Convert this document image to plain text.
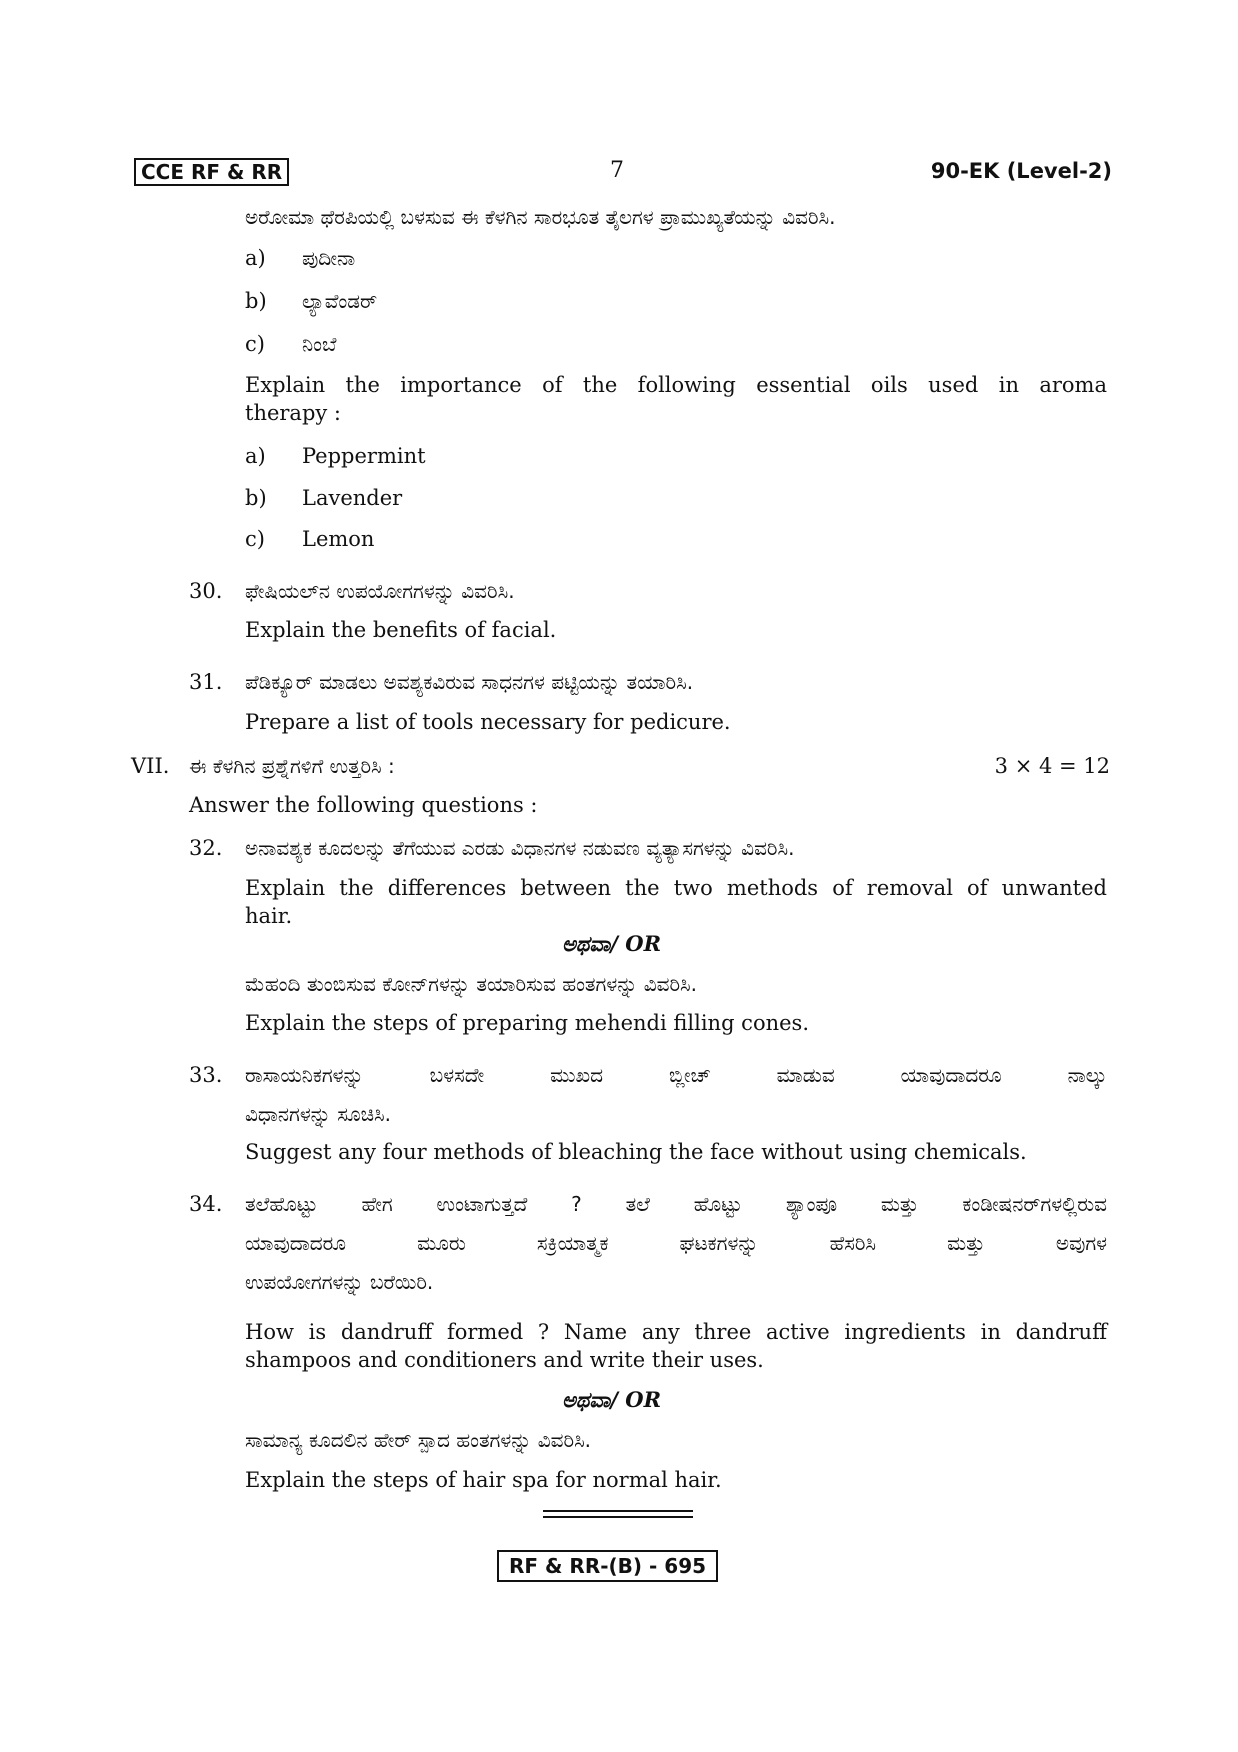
CCE RF & RR	7	90-EK (Level-2)
ಅರೋಮಾ ಥೆರಪಿಯಲ್ಲಿ ಬಳಸುವ ಈ ಕೆಳಗಿನ ಸಾರಭೂತ ತೈಲಗಳ ಪ್ರಾಮುಖ್ಯತೆಯನ್ನು ವಿವರಿಸಿ.
a) ಪುದೀನಾ
b) ಲ್ಯಾವೆಂಡರ್
c) ನಿಂಬೆ
Explain the importance of the following essential oils used in aroma
therapy :
a) Peppermint
b) Lavender
c) Lemon
30. ಫೇಷಿಯಲ್‌ನ ಉಪಯೋಗಗಳನ್ನು ವಿವರಿಸಿ.
Explain the benefits of facial.
31. ಪೆಡಿಕ್ಯೂರ್ ಮಾಡಲು ಅವಶ್ಯಕವಿರುವ ಸಾಧನಗಳ ಪಟ್ಟಿಯನ್ನು ತಯಾರಿಸಿ.
Prepare a list of tools necessary for pedicure.
VII. ಈ ಕೆಳಗಿನ ಪ್ರಶ್ನೆಗಳಿಗೆ ಉತ್ತರಿಸಿ :	3 × 4 = 12
Answer the following questions :
32. ಅನಾವಶ್ಯಕ ಕೂದಲನ್ನು ತೆಗೆಯುವ ಎರಡು ವಿಧಾನಗಳ ನಡುವಣ ವ್ಯತ್ಯಾಸಗಳನ್ನು ವಿವರಿಸಿ.
Explain the differences between the two methods of removal of unwanted
hair.
ಅಥವಾ/ OR
ಮೆಹಂದಿ ತುಂಬಿಸುವ ಕೋನ್‌ಗಳನ್ನು ತಯಾರಿಸುವ ಹಂತಗಳನ್ನು ವಿವರಿಸಿ.
Explain the steps of preparing mehendi filling cones.
33. ರಾಸಾಯನಿಕಗಳನ್ನು ಬಳಸದೇ ಮುಖದ ಬ್ಲೀಚ್ ಮಾಡುವ ಯಾವುದಾದರೂ ನಾಲ್ಕು
ವಿಧಾನಗಳನ್ನು ಸೂಚಿಸಿ.
Suggest any four methods of bleaching the face without using chemicals.
34. ತಲೆಹೊಟ್ಟು ಹೇಗ ಉಂಟಾಗುತ್ತದೆ ? ತಲೆ ಹೊಟ್ಟು ಶ್ಯಾಂಪೂ ಮತ್ತು ಕಂಡೀಷನರ್‌ಗಳಲ್ಲಿರುವ
ಯಾವುದಾದರೂ ಮೂರು ಸಕ್ರಿಯಾತ್ಮಕ ಘಟಕಗಳನ್ನು ಹೆಸರಿಸಿ ಮತ್ತು ಅವುಗಳ
ಉಪಯೋಗಗಳನ್ನು ಬರೆಯಿರಿ.
How is dandruff formed ? Name any three active ingredients in dandruff
shampoos and conditioners and write their uses.
ಅಥವಾ/ OR
ಸಾಮಾನ್ಯ ಕೂದಲಿನ ಹೇರ್ ಸ್ಪಾದ ಹಂತಗಳನ್ನು ವಿವರಿಸಿ.
Explain the steps of hair spa for normal hair.
RF & RR-(B) - 695
